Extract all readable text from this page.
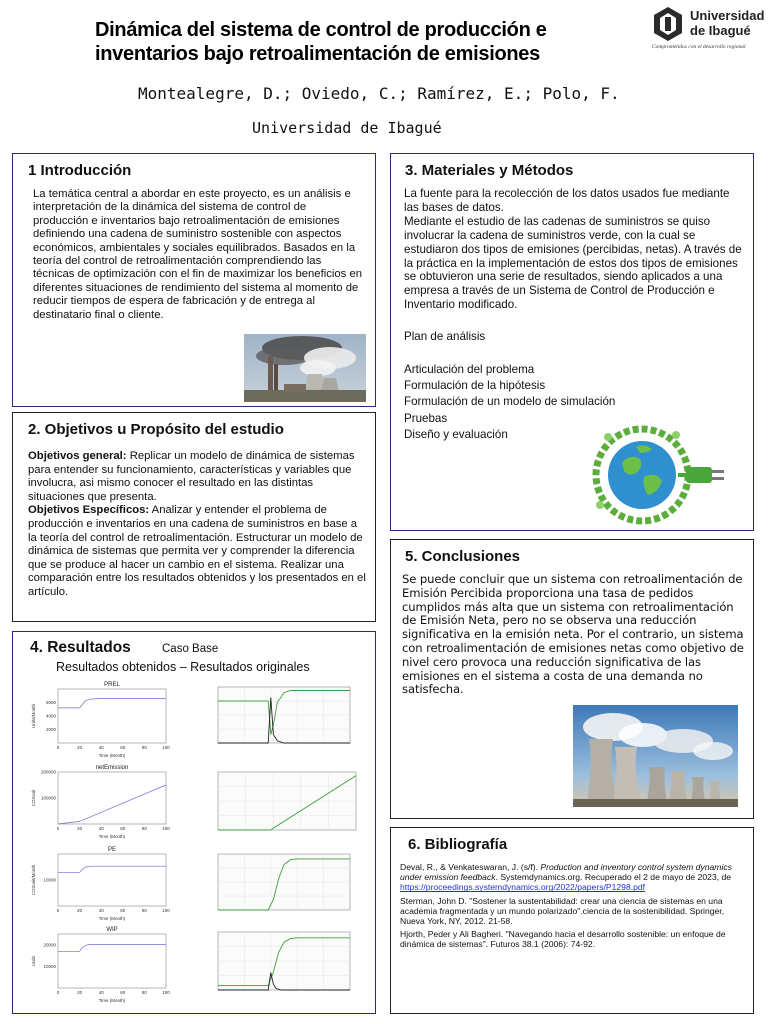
Dinámica del sistema de control de producción e
inventarios bajo retroalimentación de emisiones
Montealegre, D.; Oviedo, C.; Ramírez, E.; Polo, F.
Universidad de Ibagué
Universidad
de Ibagué
Comprometidos con el desarrollo regional
1 Introducción
La temática central a abordar en este proyecto, es un análisis e interpretación de la dinámica del sistema de control de producción e inventarios bajo retroalimentación de emisiones definiendo una cadena de suministro sostenible con aspectos económicos, ambientales y sociales equilibrados. Basados en la teoría del control de retroalimentación comprendiendo las técnicas de optimización con el fin de maximizar los beneficios en diferentes situaciones de rendimiento del sistema al momento de reducir tiempos de espera de fabricación y de entrega al destinatario final o cliente.
2. Objetivos u Propósito del estudio

Objetivos general: Replicar un modelo de dinámica de sistemas para entender su funcionamiento, características y variables que involucra, asi mismo conocer el resultado en las distintas situaciones que presenta.

Objetivos Específicos: Analizar y entender el problema de producción e inventarios en una cadena de suministros en base a la teoría del control de retroalimentación. Estructurar un modelo de dinámica de sistemas que permita ver y comprender la diferencia que se produce al hacer un cambio en el sistema. Realizar una comparación entre los resultados obtenidos y los presentados en el artículo.

3. Materiales y Métodos

La fuente para la recolección de los datos usados fue mediante las bases de datos.

Mediante el estudio de las cadenas de suministros se quiso involucrar la cadena de suministros verde, con la cual se estudiaron dos tipos de emisiones (percibidas, netas). A través de la práctica en la implementación de estos dos tipos de emisiones se obtuvieron una serie de resultados, siendo aplicados a una empresa a través de un Sistema de Control de Producción e Inventario modificado.

Plan de análisis

Articulación del problema
Formulación de la hipótesis
Formulación de un modelo de simulación
Pruebas
Diseño y evaluación
4. Resultados	Caso Base
Resultados obtenidos – Resultados originales
PREL
0	20	40	60	80	100
2000
4000
6000
Time (Month)
Units/Month
netEmission
0	20	40	60	80	100
100000
200000
Time (Month)
CO2unit
PE
0	20	40	60	80	100
10000
Time (Month)
CO2unit/Month
WIP
0	20	40	60	80	100
10000
20000
Time (Month)
Units
5. Conclusiones
Se puede concluir que un sistema con retroalimentación de Emisión Percibida proporciona una tasa de pedidos cumplidos más alta que un sistema con retroalimentación de Emisión Neta, pero no se observa una reducción significativa en la emisión neta. Por el contrario, un sistema con retroalimentación de emisiones netas como objetivo de nivel cero provoca una reducción significativa de las emisiones en el sistema a costa de una demanda no satisfecha.
6. Bibliografía

Deval, R., & Venkateswaran, J. (s/f). Production and inventory control system dynamics under emission feedback. Systemdynamics.org. Recuperado el 2 de mayo de 2023, de https://proceedings.systemdynamics.org/2022/papers/P1298.pdf

Sterman, John D. "Sostener la sustentabilidad: crear una ciencia de sistemas en una academia fragmentada y un mundo polarizado".ciencia de la sostenibilidad. Springer, Nueva York, NY, 2012. 21-58.

Hjorth, Peder y Ali Bagheri. "Navegando hacia el desarrollo sostenible: un enfoque de dinámica de sistemas". Futuros 38.1 (2006): 74-92.
